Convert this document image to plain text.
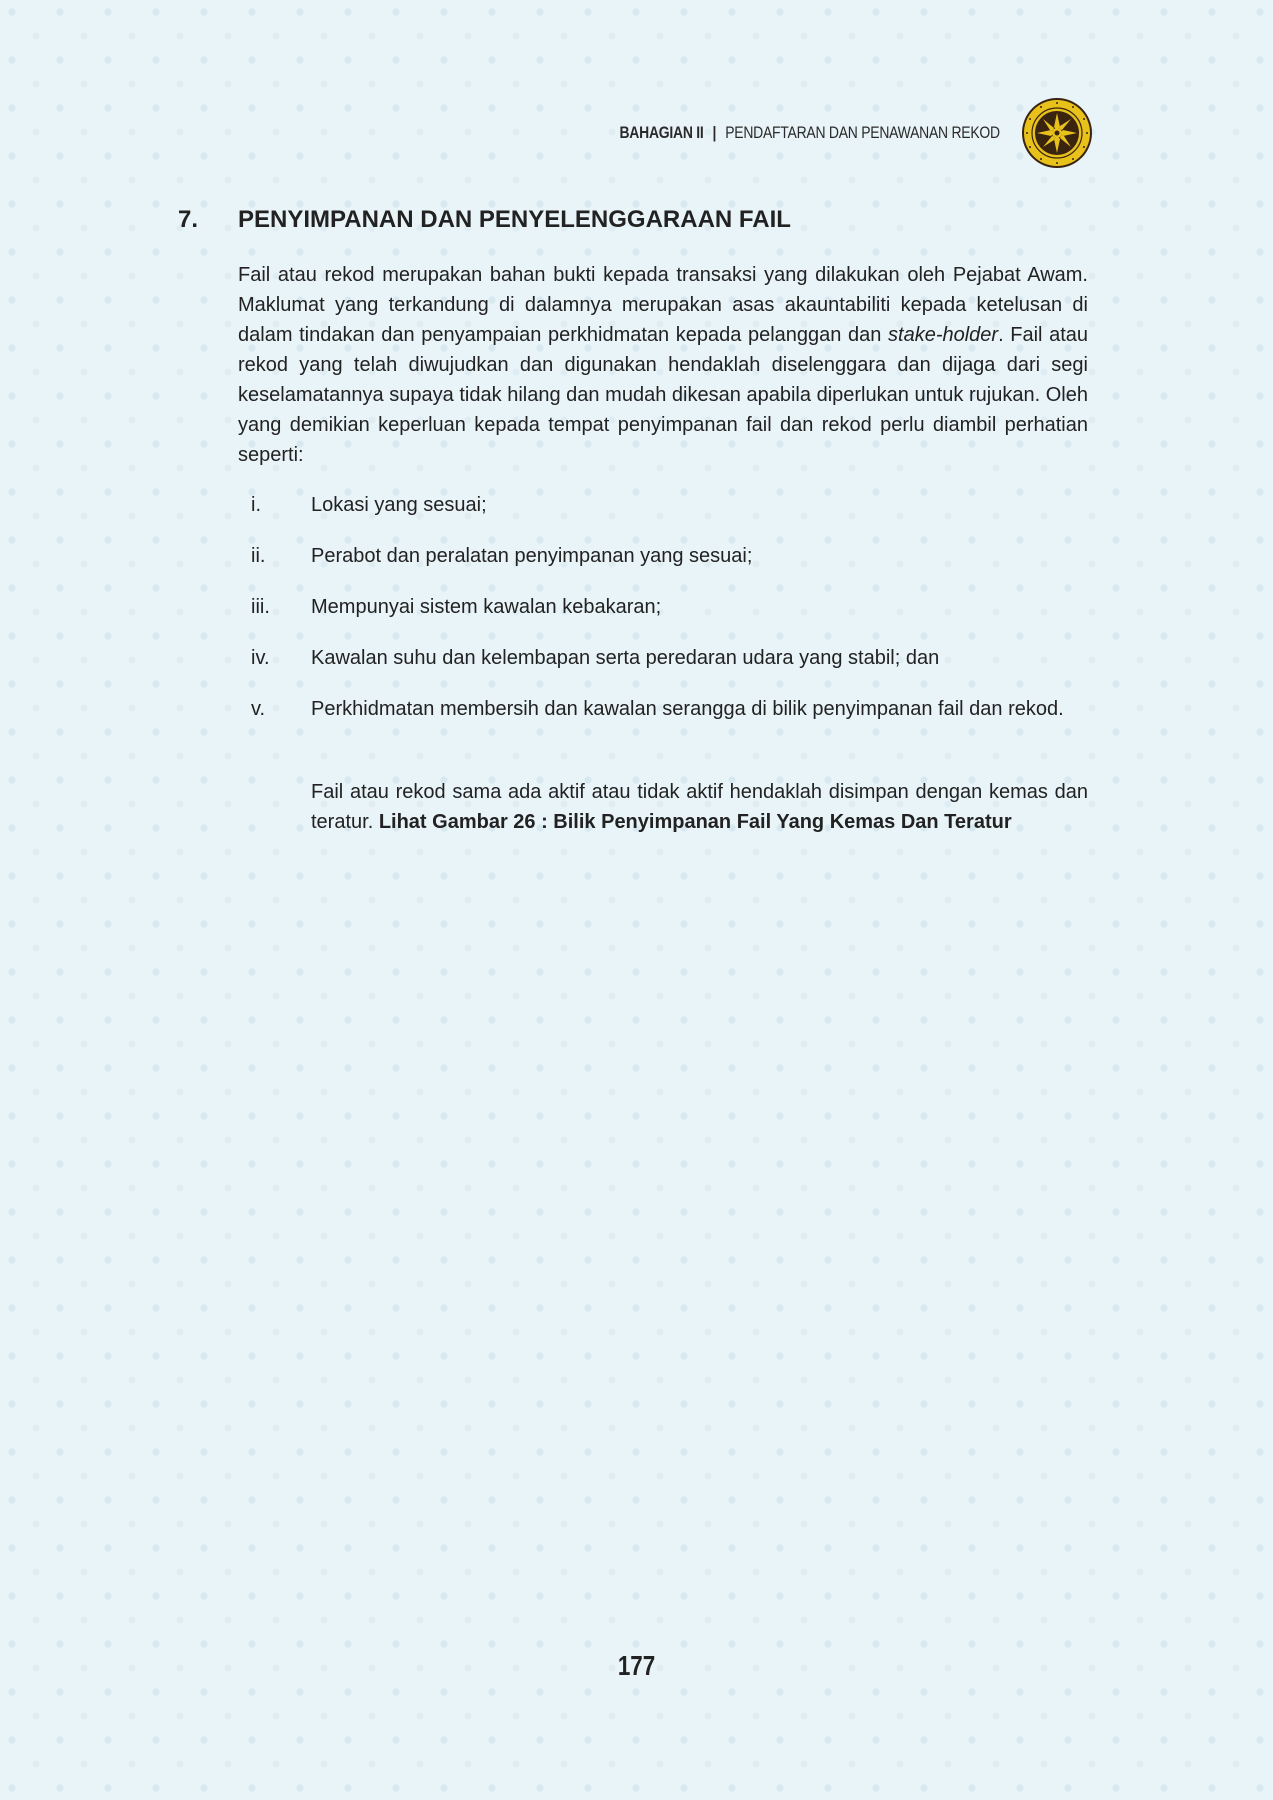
BAHAGIAN II | PENDAFTARAN DAN PENAWANAN REKOD
7. PENYIMPANAN DAN PENYELENGGARAAN FAIL

Fail atau rekod merupakan bahan bukti kepada transaksi yang dilakukan oleh Pejabat Awam. Maklumat yang terkandung di dalamnya merupakan asas akauntabiliti kepada ketelusan di dalam tindakan dan penyampaian perkhidmatan kepada pelanggan dan stake-holder. Fail atau rekod yang telah diwujudkan dan digunakan hendaklah diselenggara dan dijaga dari segi keselamatannya supaya tidak hilang dan mudah dikesan apabila diperlukan untuk rujukan. Oleh yang demikian keperluan kepada tempat penyimpanan fail dan rekod perlu diambil perhatian seperti:

i.	Lokasi yang sesuai;
ii.	Perabot dan peralatan penyimpanan yang sesuai;
iii.	Mempunyai sistem kawalan kebakaran;
iv.	Kawalan suhu dan kelembapan serta peredaran udara yang stabil; dan
v.	Perkhidmatan membersih dan kawalan serangga di bilik penyimpanan fail dan rekod.

Fail atau rekod sama ada aktif atau tidak aktif hendaklah disimpan dengan kemas dan teratur. Lihat Gambar 26 : Bilik Penyimpanan Fail Yang Kemas Dan Teratur

177
